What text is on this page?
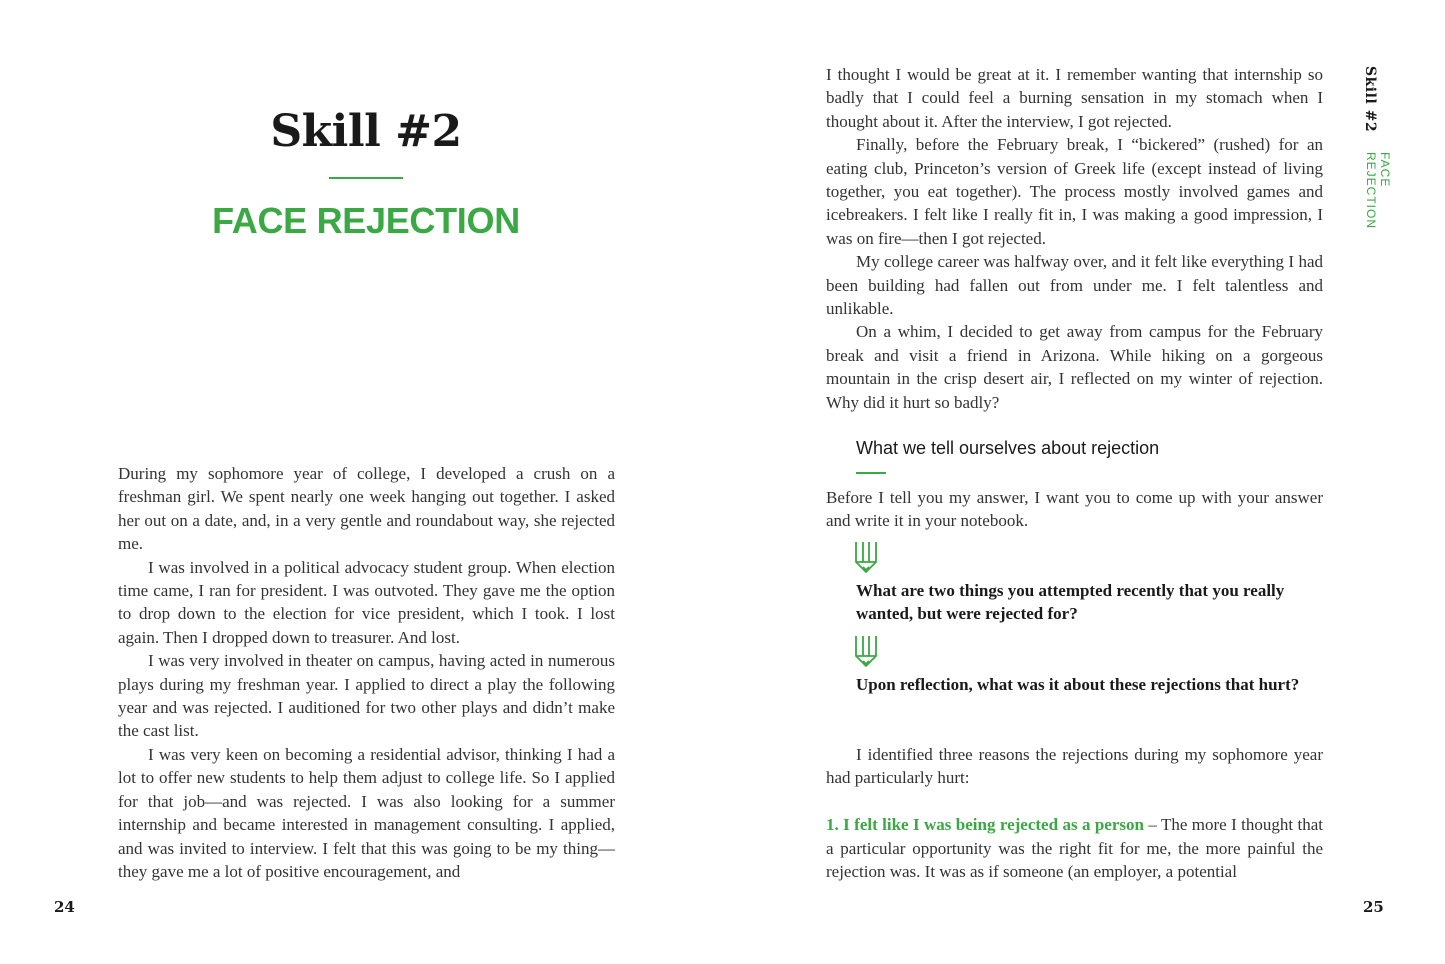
Skill #2
FACE REJECTION

During my sophomore year of college, I developed a crush on a freshman girl. We spent nearly one week hanging out together. I asked her out on a date, and, in a very gentle and roundabout way, she rejected me.

I was involved in a political advocacy student group. When election time came, I ran for president. I was outvoted. They gave me the option to drop down to the election for vice president, which I took. I lost again. Then I dropped down to treasurer. And lost.

I was very involved in theater on campus, having acted in numerous plays during my freshman year. I applied to direct a play the following year and was rejected. I auditioned for two other plays and didn’t make the cast list.

I was very keen on becoming a residential advisor, thinking I had a lot to offer new students to help them adjust to college life. So I applied for that job—and was rejected. I was also looking for a summer internship and became interested in management consulting. I applied, and was invited to interview. I felt that this was going to be my thing—they gave me a lot of positive encouragement, and

24

I thought I would be great at it. I remember wanting that internship so badly that I could feel a burning sensation in my stomach when I thought about it. After the interview, I got rejected.

Finally, before the February break, I “bickered” (rushed) for an eating club, Princeton’s version of Greek life (except instead of living together, you eat together). The process mostly involved games and icebreakers. I felt like I really fit in, I was making a good impression, I was on fire—then I got rejected.

My college career was halfway over, and it felt like everything I had been building had fallen out from under me. I felt talentless and unlikable.

On a whim, I decided to get away from campus for the February break and visit a friend in Arizona. While hiking on a gorgeous mountain in the crisp desert air, I reflected on my winter of rejection. Why did it hurt so badly?

What we tell ourselves about rejection

Before I tell you my answer, I want you to come up with your answer and write it in your notebook.

What are two things you attempted recently that you really wanted, but were rejected for?

Upon reflection, what was it about these rejections that hurt?

I identified three reasons the rejections during my sophomore year had particularly hurt:

1. I felt like I was being rejected as a person – The more I thought that a particular opportunity was the right fit for me, the more painful the rejection was. It was as if someone (an employer, a potential

Skill #2
FACE REJECTION

25
